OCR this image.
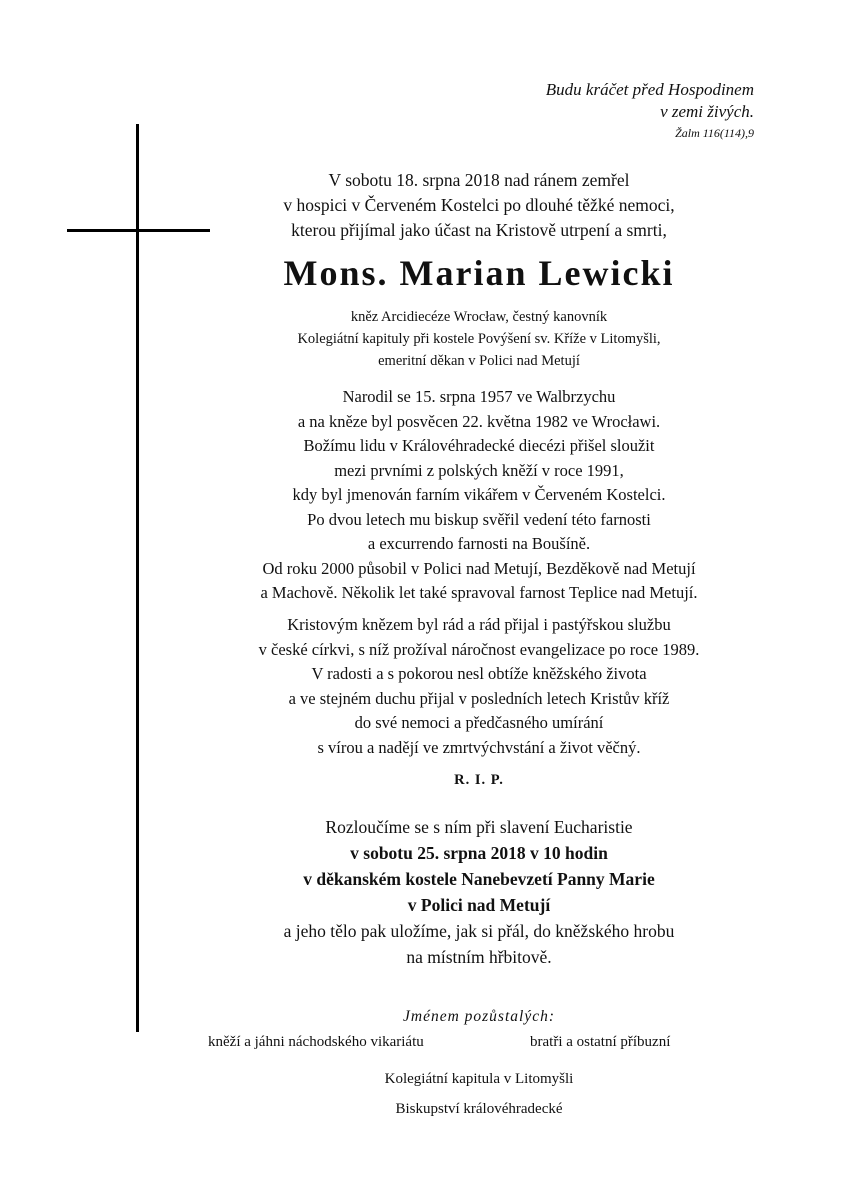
Budu kráčet před Hospodinem
v zemi živých.
Žalm 116(114),9
V sobotu 18. srpna 2018 nad ránem zemřel
v hospici v Červeném Kostelci po dlouhé těžké nemoci,
kterou přijímal jako účast na Kristově utrpení a smrti,
Mons. Marian Lewicki
kněz Arcidiecéze Wrocław, čestný kanovník
Kolegiátní kapituly při kostele Povýšení sv. Kříže v Litomyšli,
emeritní děkan v Polici nad Metují
Narodil se 15. srpna 1957 ve Walbrzychu
a na kněze byl posvěcen 22. května 1982 ve Wrocławi.
Božímu lidu v Královéhradecké diecézi přišel sloužit
mezi prvními z polských kněží v roce 1991,
kdy byl jmenován farním vikářem v Červeném Kostelci.
Po dvou letech mu biskup svěřil vedení této farnosti
a excurrendo farnosti na Boušíně.
Od roku 2000 působil v Polici nad Metují, Bezděkově nad Metují
a Machově. Několik let také spravoval farnost Teplice nad Metují.
Kristovým knězem byl rád a rád přijal i pastýřskou službu
v české církvi, s níž prožíval náročnost evangelizace po roce 1989.
V radosti a s pokorou nesl obtíže kněžského života
a ve stejném duchu přijal v posledních letech Kristův kříž
do své nemoci a předčasného umírání
s vírou a nadějí ve zmrtvýchvstání a život věčný.
R. I. P.
Rozloučíme se s ním při slavení Eucharistie
v sobotu 25. srpna 2018 v 10 hodin
v děkanském kostele Nanebevzetí Panny Marie
v Polici nad Metují
a jeho tělo pak uložíme, jak si přál, do kněžského hrobu
na místním hřbitově.
Jménem pozůstalých:
kněží a jáhni náchodského vikariátu	bratři a ostatní příbuzní
Kolegiátní kapitula v Litomyšli
Biskupství královéhradecké
